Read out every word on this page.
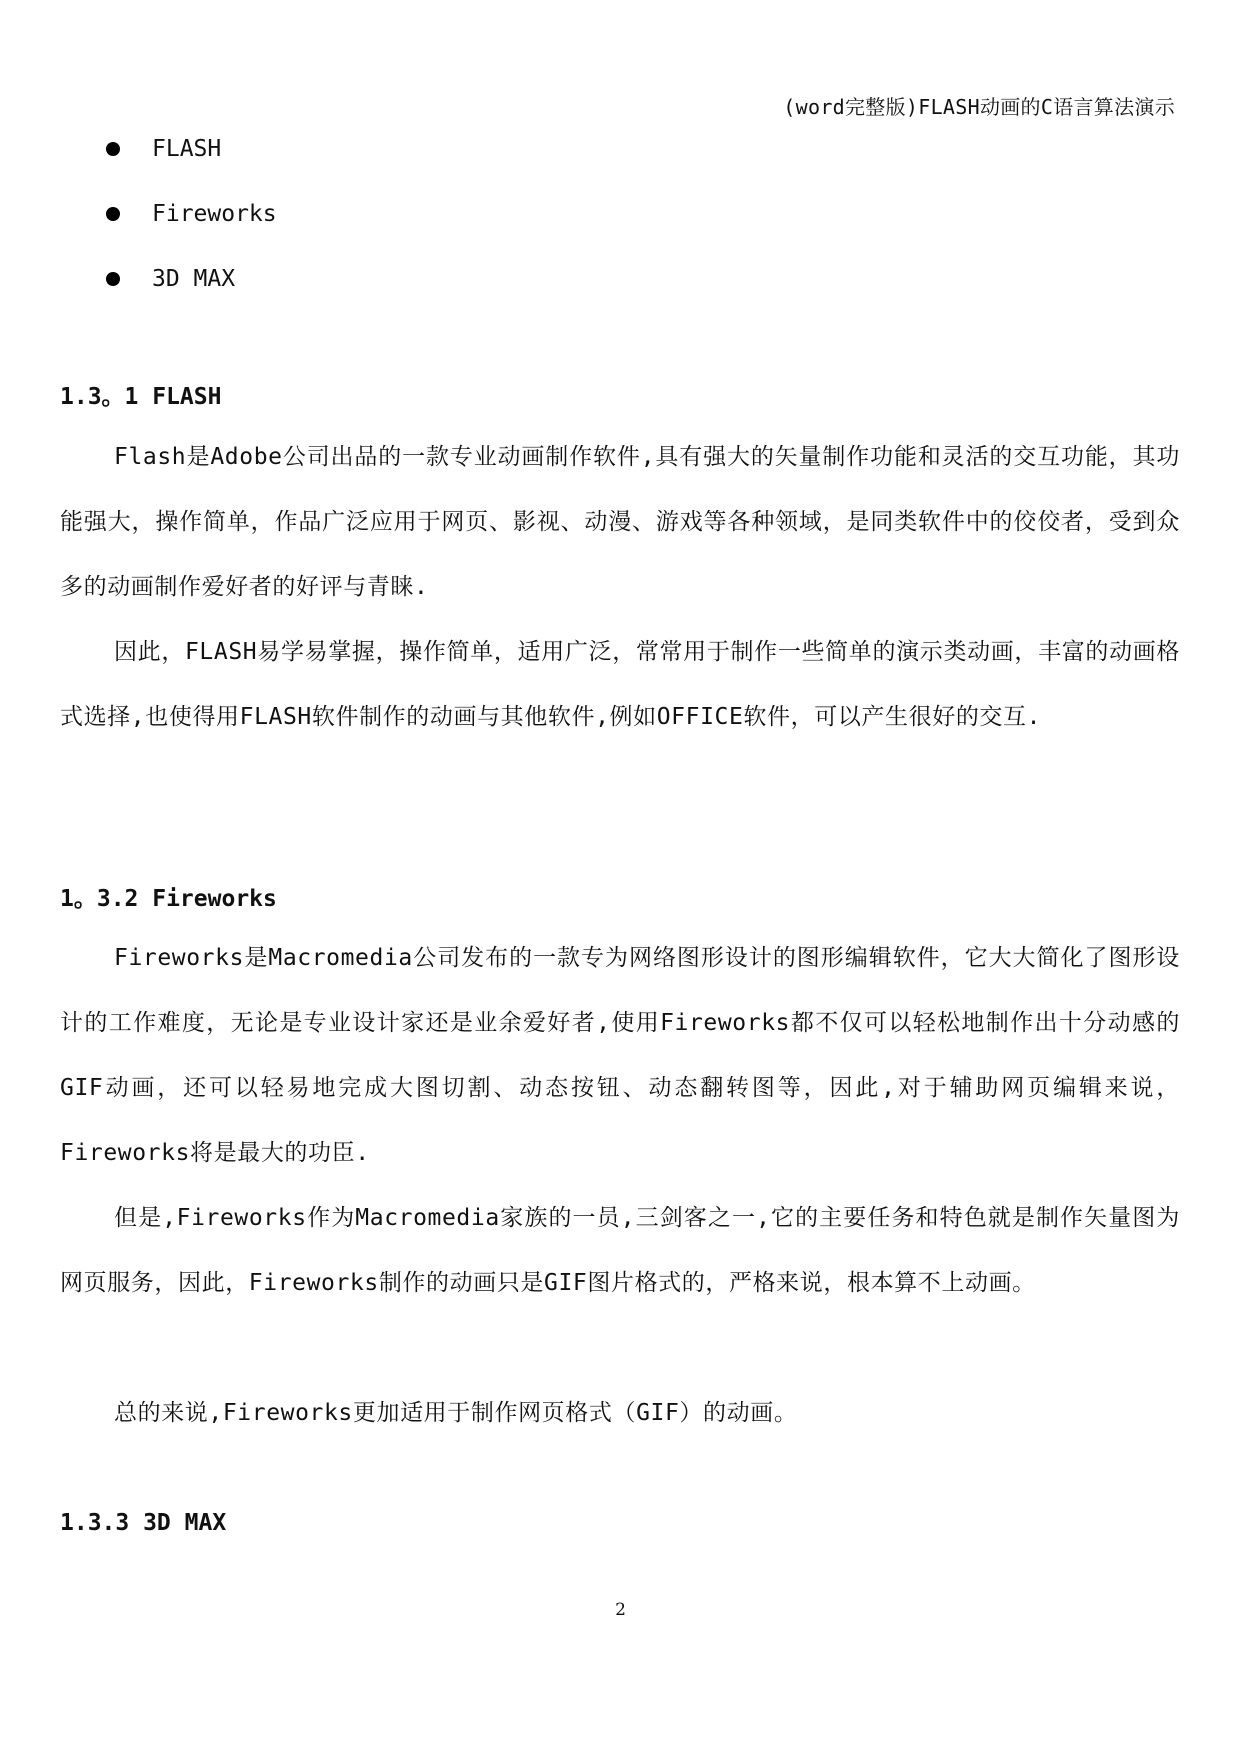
(word完整版)FLASH动画的C语言算法演示
FLASH
Fireworks
3D MAX
1.3。1 FLASH

Flash是Adobe公司出品的一款专业动画制作软件,具有强大的矢量制作功能和灵活的交互功能，其功能强大，操作简单，作品广泛应用于网页、影视、动漫、游戏等各种领域，是同类软件中的佼佼者，受到众多的动画制作爱好者的好评与青睐.

因此，FLASH易学易掌握，操作简单，适用广泛，常常用于制作一些简单的演示类动画，丰富的动画格式选择,也使得用FLASH软件制作的动画与其他软件,例如OFFICE软件，可以产生很好的交互.

1。3.2 Fireworks

Fireworks是Macromedia公司发布的一款专为网络图形设计的图形编辑软件，它大大简化了图形设计的工作难度，无论是专业设计家还是业余爱好者,使用Fireworks都不仅可以轻松地制作出十分动感的GIF动画，还可以轻易地完成大图切割、动态按钮、动态翻转图等，因此,对于辅助网页编辑来说，Fireworks将是最大的功臣.

但是,Fireworks作为Macromedia家族的一员,三剑客之一,它的主要任务和特色就是制作矢量图为网页服务，因此，Fireworks制作的动画只是GIF图片格式的，严格来说，根本算不上动画。

总的来说,Fireworks更加适用于制作网页格式（GIF）的动画。

1.3.3 3D MAX
2
